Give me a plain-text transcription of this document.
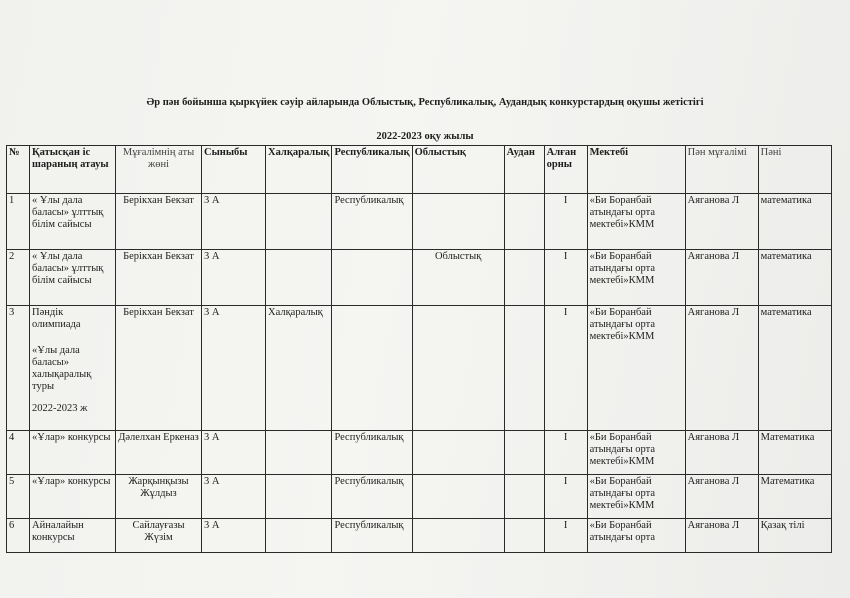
Әр пән бойынша қыркүйек сәуір айларында Облыстық, Республикалық, Аудандық конкурстардың оқушы жетістігі
2022-2023 оқу жылы
№	Қатысқан іс шараның атауы	Мұғалімнің аты жөні	Сыныбы	Халқаралық	Республикалық	Облыстық	Аудан	Алған орны	Мектебі	Пән мұғалімі	Пәні
1	« Ұлы дала баласы» ұлттық білім сайысы	Берікхан Бекзат	3 А		Республикалық			I	«Би Боранбай атындағы орта мектебі»КММ	Аяганова Л	математика
2	« Ұлы дала баласы» ұлттық білім сайысы	Берікхан Бекзат	3 А			Облыстық		I	«Би Боранбай атындағы орта мектебі»КММ	Аяганова Л	математика
3	Пәндік олимпиада
«Ұлы дала баласы» халықаралық туры
2022-2023 ж	Берікхан Бекзат	3 А	Халқаралық				I	«Би Боранбай атындағы орта мектебі»КММ	Аяганова Л	математика
4	«Ұлар» конкурсы	Дәлелхан Еркеназ	3 А		Республикалық			I	«Би Боранбай атындағы орта мектебі»КММ	Аяганова Л	Математика
5	«Ұлар» конкурсы	Жарқынқызы Жұлдыз	3 А		Республикалық			I	«Би Боранбай атындағы орта мектебі»КММ	Аяганова Л	Математика
6	Айналайын конкурсы	Сайлауғазы Жүзім	3 А		Республикалық			I	«Би Боранбай атындағы орта	Аяганова Л	Қазақ тілі
